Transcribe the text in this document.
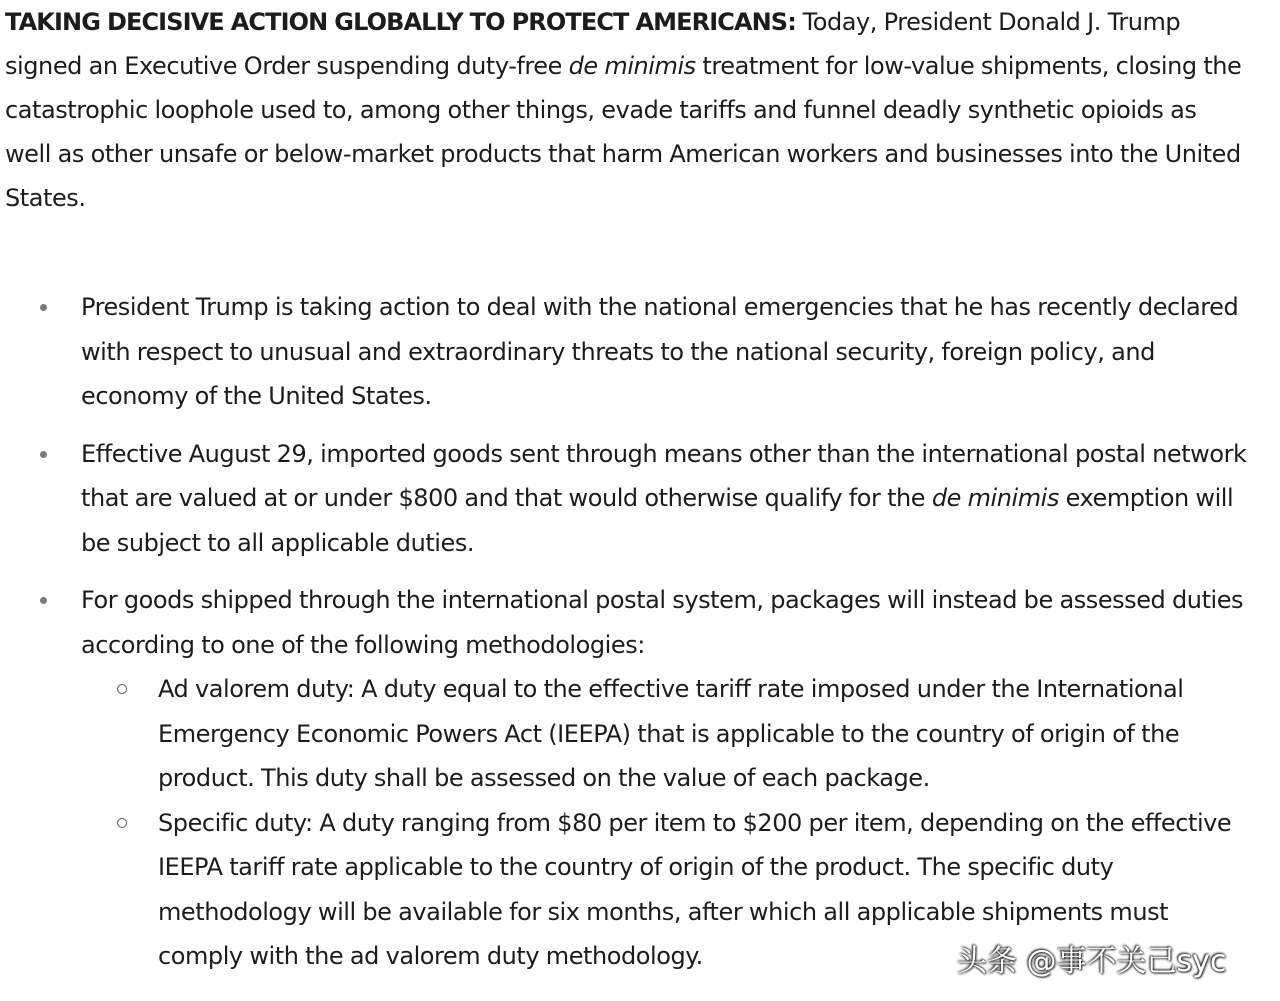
TAKING DECISIVE ACTION GLOBALLY TO PROTECT AMERICANS: Today, President Donald J. Trump signed an Executive Order suspending duty-free de minimis treatment for low-value shipments, closing the catastrophic loophole used to, among other things, evade tariffs and funnel deadly synthetic opioids as well as other unsafe or below-market products that harm American workers and businesses into the United States.

President Trump is taking action to deal with the national emergencies that he has recently declared with respect to unusual and extraordinary threats to the national security, foreign policy, and economy of the United States.
Effective August 29, imported goods sent through means other than the international postal network that are valued at or under $800 and that would otherwise qualify for the de minimis exemption will be subject to all applicable duties.
For goods shipped through the international postal system, packages will instead be assessed duties according to one of the following methodologies:
Ad valorem duty: A duty equal to the effective tariff rate imposed under the International Emergency Economic Powers Act (IEEPA) that is applicable to the country of origin of the product. This duty shall be assessed on the value of each package.
Specific duty: A duty ranging from $80 per item to $200 per item, depending on the effective IEEPA tariff rate applicable to the country of origin of the product. The specific duty methodology will be available for six months, after which all applicable shipments must comply with the ad valorem duty methodology.	头条 @事不关己syc
